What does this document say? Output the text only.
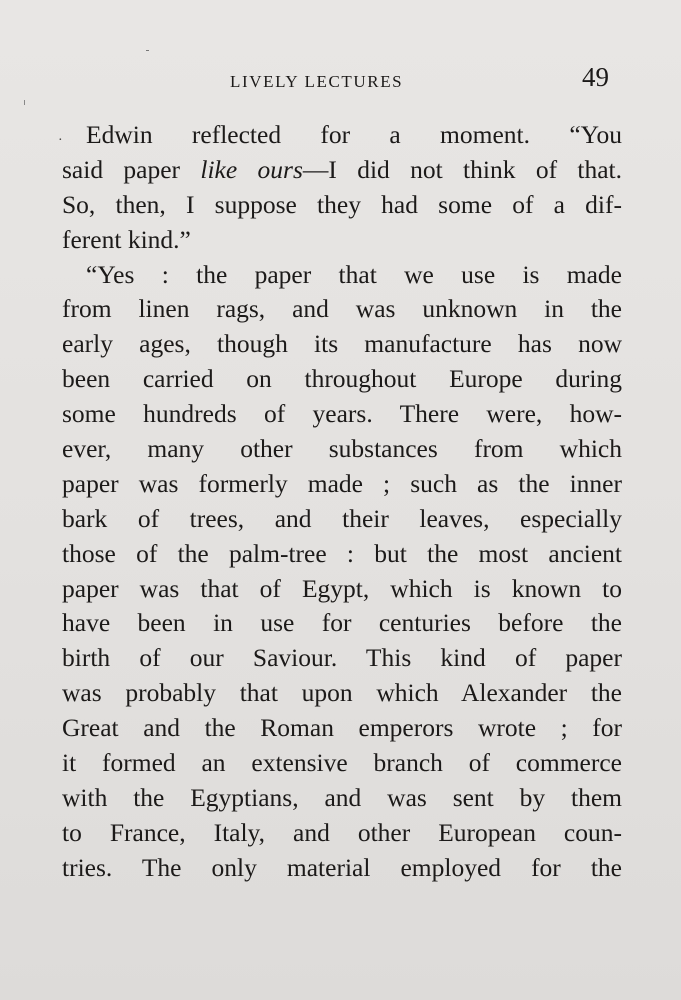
LIVELY LECTURES	49
· Edwin reflected for a moment. “You
said paper like ours—I did not think of that.
So, then, I suppose they had some of a dif-
ferent kind.”
“Yes : the paper that we use is made
from linen rags, and was unknown in the
early ages, though its manufacture has now
been carried on throughout Europe during
some hundreds of years. There were, how-
ever, many other substances from which
paper was formerly made ; such as the inner
bark of trees, and their leaves, especially
those of the palm-tree : but the most ancient
paper was that of Egypt, which is known to
have been in use for centuries before the
birth of our Saviour. This kind of paper
was probably that upon which Alexander the
Great and the Roman emperors wrote ; for
it formed an extensive branch of commerce
with the Egyptians, and was sent by them
to France, Italy, and other European coun-
tries. The only material employed for the
